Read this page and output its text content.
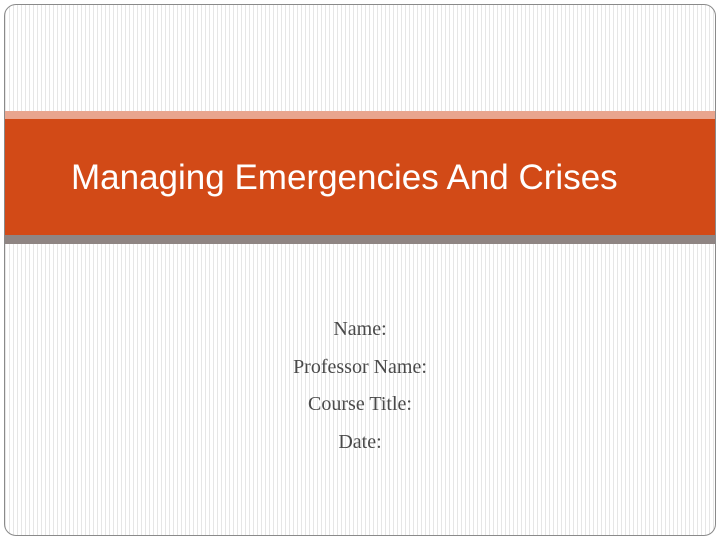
Managing Emergencies And Crises
Name:
Professor Name:
Course Title:
Date:
